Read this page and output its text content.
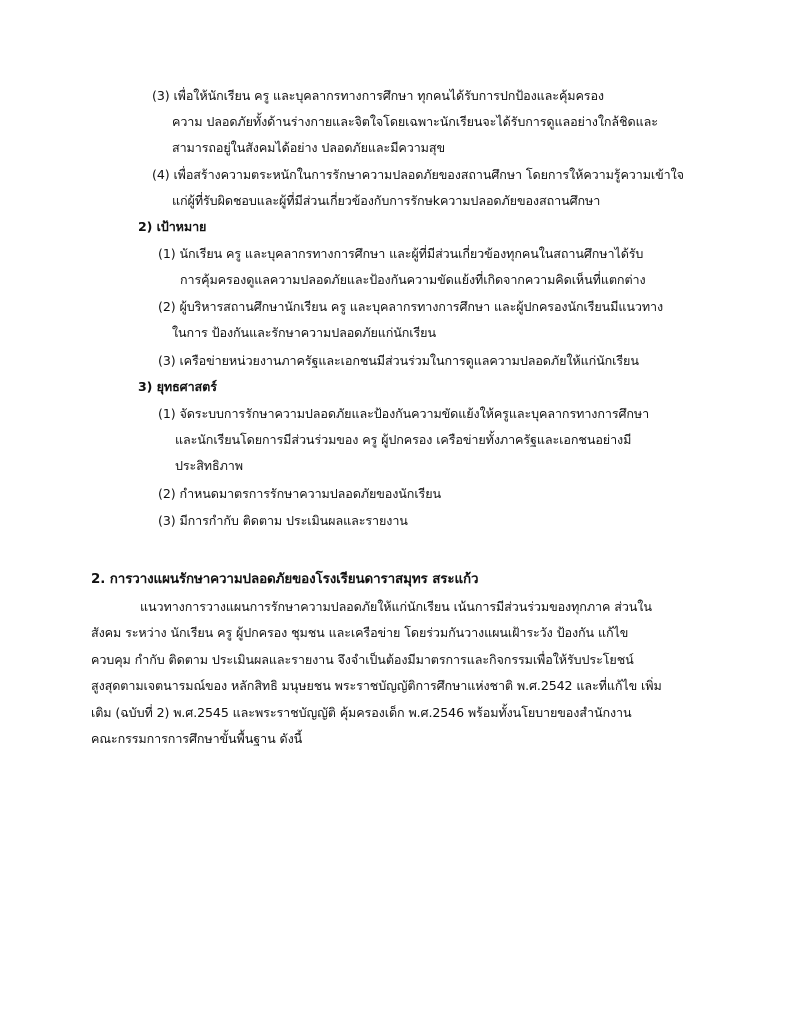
(3) เพื่อให้นักเรียน ครู และบุคลากรทางการศึกษา ทุกคนได้รับการปกป้องและคุ้มครอง
ความ ปลอดภัยทั้งด้านร่างกายและจิตใจโดยเฉพาะนักเรียนจะได้รับการดูแลอย่างใกล้ชิดและ
สามารถอยู่ในสังคมได้อย่าง ปลอดภัยและมีความสุข
(4) เพื่อสร้างความตระหนักในการรักษาความปลอดภัยของสถานศึกษา โดยการให้ความรู้ความเข้าใจ
แก่ผู้ที่รับผิดชอบและผู้ที่มีส่วนเกี่ยวข้องกับการรักษkความปลอดภัยของสถานศึกษา
2) เป้าหมาย
(1) นักเรียน ครู และบุคลากรทางการศึกษา และผู้ที่มีส่วนเกี่ยวข้องทุกคนในสถานศึกษาได้รับ
การคุ้มครองดูแลความปลอดภัยและป้องกันความขัดแย้งที่เกิดจากความคิดเห็นที่แตกต่าง
(2) ผู้บริหารสถานศึกษานักเรียน ครู และบุคลากรทางการศึกษา และผู้ปกครองนักเรียนมีแนวทาง
ในการ ป้องกันและรักษาความปลอดภัยแก่นักเรียน
(3) เครือข่ายหน่วยงานภาครัฐและเอกชนมีส่วนร่วมในการดูแลความปลอดภัยให้แก่นักเรียน
3) ยุทธศาสตร์
(1) จัดระบบการรักษาความปลอดภัยและป้องกันความขัดแย้งให้ครูและบุคลากรทางการศึกษา
และนักเรียนโดยการมีส่วนร่วมของ ครู ผู้ปกครอง เครือข่ายทั้งภาครัฐและเอกชนอย่างมี
ประสิทธิภาพ
(2) กำหนดมาตรการรักษาความปลอดภัยของนักเรียน
(3) มีการกำกับ ติดตาม ประเมินผลและรายงาน
2. การวางแผนรักษาความปลอดภัยของโรงเรียนดาราสมุทร สระแก้ว
แนวทางการวางแผนการรักษาความปลอดภัยให้แก่นักเรียน เน้นการมีส่วนร่วมของทุกภาค ส่วนใน
สังคม ระหว่าง นักเรียน ครู ผู้ปกครอง ชุมชน และเครือข่าย โดยร่วมกันวางแผนเฝ้าระวัง ป้องกัน แก้ไข
ควบคุม กำกับ ติดตาม ประเมินผลและรายงาน จึงจำเป็นต้องมีมาตรการและกิจกรรมเพื่อให้รับประโยชน์
สูงสุดตามเจตนารมณ์ของ หลักสิทธิ มนุษยชน พระราชบัญญัติการศึกษาแห่งชาติ พ.ศ.2542 และที่แก้ไข เพิ่ม
เติม (ฉบับที่ 2) พ.ศ.2545 และพระราชบัญญัติ คุ้มครองเด็ก พ.ศ.2546 พร้อมทั้งนโยบายของสำนักงาน
คณะกรรมการการศึกษาขั้นพื้นฐาน ดังนี้
